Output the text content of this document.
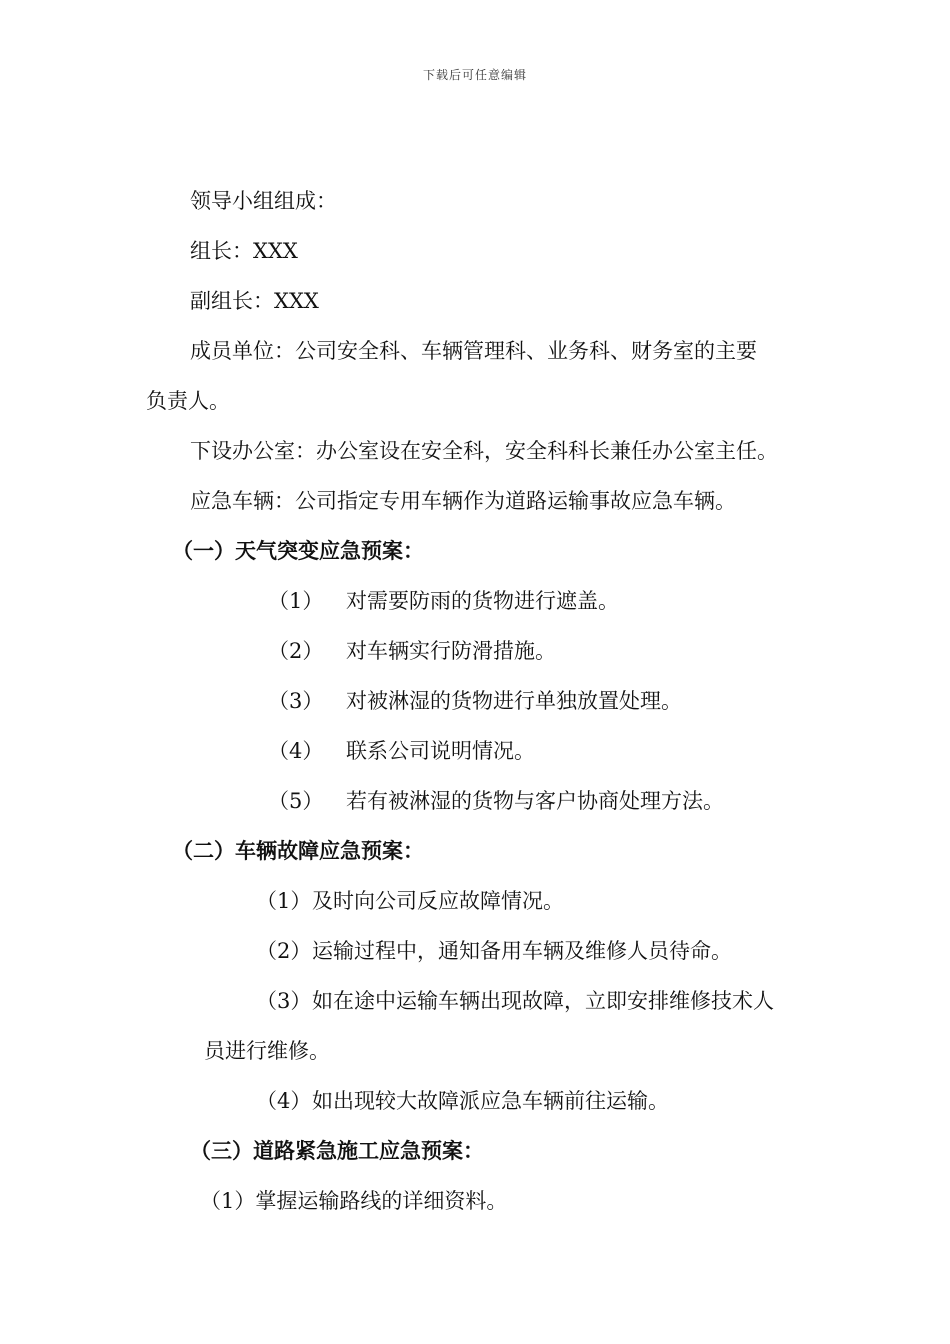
下载后可任意编辑
领导小组组成：
组长：XXX
副组长：XXX
成员单位：公司安全科、车辆管理科、业务科、财务室的主要
负责人。
下设办公室：办公室设在安全科，安全科科长兼任办公室主任。
应急车辆：公司指定专用车辆作为道路运输事故应急车辆。
（一）天气突变应急预案：
（1） 对需要防雨的货物进行遮盖。
（2） 对车辆实行防滑措施。
（3） 对被淋湿的货物进行单独放置处理。
（4） 联系公司说明情况。
（5） 若有被淋湿的货物与客户协商处理方法。
（二）车辆故障应急预案：
（1）及时向公司反应故障情况。
（2）运输过程中，通知备用车辆及维修人员待命。
（3）如在途中运输车辆出现故障，立即安排维修技术人
员进行维修。
（4）如出现较大故障派应急车辆前往运输。
（三）道路紧急施工应急预案：
（1）掌握运输路线的详细资料。
